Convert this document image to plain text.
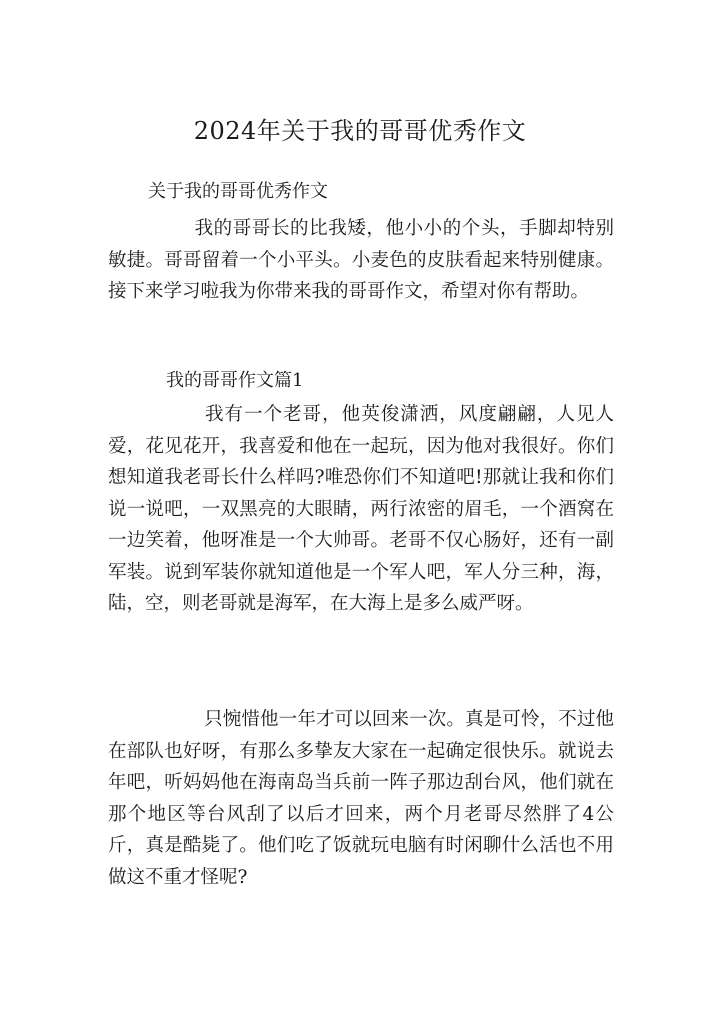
2024年关于我的哥哥优秀作文

关于我的哥哥优秀作文

我的哥哥长的比我矮，他小小的个头，手脚却特别敏捷。哥哥留着一个小平头。小麦色的皮肤看起来特别健康。接下来学习啦我为你带来我的哥哥作文，希望对你有帮助。

我的哥哥作文篇1

我有一个老哥，他英俊潇洒，风度翩翩，人见人爱，花见花开，我喜爱和他在一起玩，因为他对我很好。你们想知道我老哥长什么样吗?唯恐你们不知道吧!那就让我和你们说一说吧，一双黑亮的大眼睛，两行浓密的眉毛，一个酒窝在一边笑着，他呀准是一个大帅哥。老哥不仅心肠好，还有一副军装。说到军装你就知道他是一个军人吧，军人分三种，海，陆，空，则老哥就是海军，在大海上是多么威严呀。

只惋惜他一年才可以回来一次。真是可怜，不过他在部队也好呀，有那么多挚友大家在一起确定很快乐。就说去年吧，听妈妈他在海南岛当兵前一阵子那边刮台风，他们就在那个地区等台风刮了以后才回来，两个月老哥尽然胖了4公斤，真是酷毙了。他们吃了饭就玩电脑有时闲聊什么活也不用做这不重才怪呢?
